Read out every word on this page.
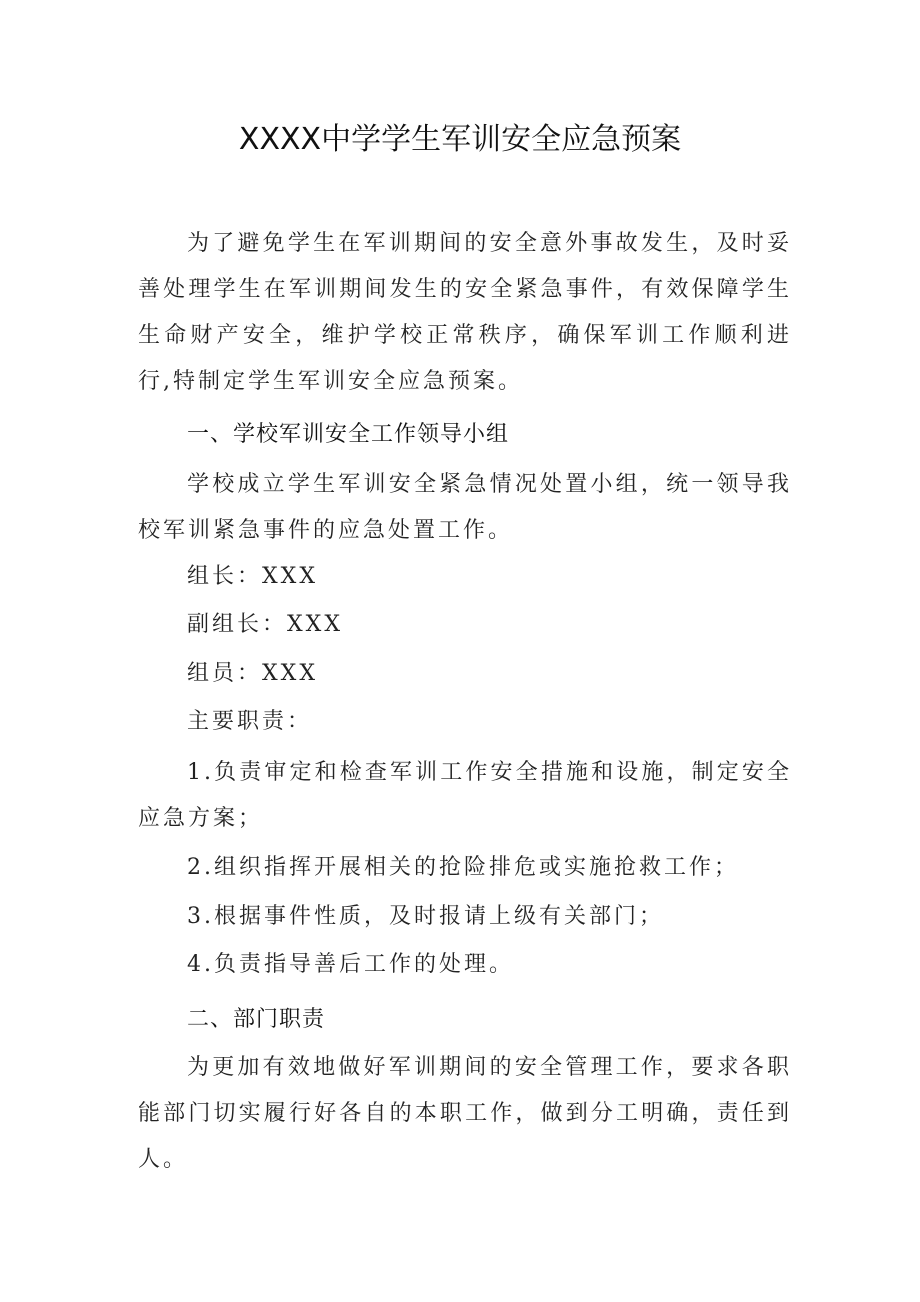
XXXX中学学生军训安全应急预案

为了避免学生在军训期间的安全意外事故发生，及时妥善处理学生在军训期间发生的安全紧急事件，有效保障学生生命财产安全，维护学校正常秩序，确保军训工作顺利进行,特制定学生军训安全应急预案。

一、学校军训安全工作领导小组

学校成立学生军训安全紧急情况处置小组，统一领导我校军训紧急事件的应急处置工作。

组长：XXX

副组长：XXX

组员：XXX

主要职责：

1.负责审定和检查军训工作安全措施和设施，制定安全应急方案；

2.组织指挥开展相关的抢险排危或实施抢救工作；

3.根据事件性质，及时报请上级有关部门；

4.负责指导善后工作的处理。

二、部门职责

为更加有效地做好军训期间的安全管理工作，要求各职能部门切实履行好各自的本职工作，做到分工明确，责任到人。
